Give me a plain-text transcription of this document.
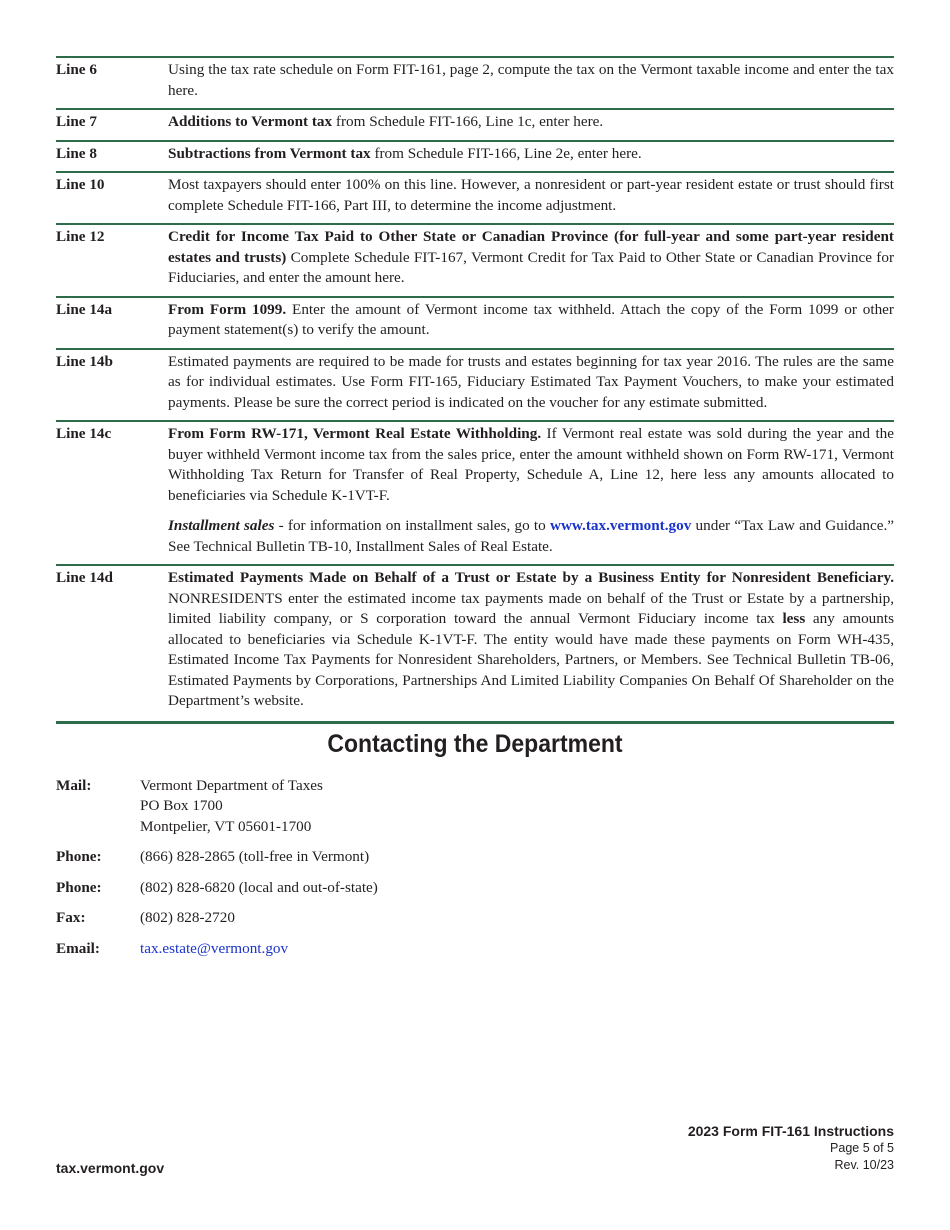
Line 6	Using the tax rate schedule on Form FIT-161, page 2, compute the tax on the Vermont taxable income and enter the tax here.
Line 7	Additions to Vermont tax from Schedule FIT-166, Line 1c, enter here.
Line 8	Subtractions from Vermont tax from Schedule FIT-166, Line 2e, enter here.
Line 10	Most taxpayers should enter 100% on this line. However, a nonresident or part-year resident estate or trust should first complete Schedule FIT-166, Part III, to determine the income adjustment.
Line 12	Credit for Income Tax Paid to Other State or Canadian Province (for full-year and some part-year resident estates and trusts) Complete Schedule FIT-167, Vermont Credit for Tax Paid to Other State or Canadian Province for Fiduciaries, and enter the amount here.
Line 14a	From Form 1099. Enter the amount of Vermont income tax withheld. Attach the copy of the Form 1099 or other payment statement(s) to verify the amount.
Line 14b	Estimated payments are required to be made for trusts and estates beginning for tax year 2016. The rules are the same as for individual estimates. Use Form FIT-165, Fiduciary Estimated Tax Payment Vouchers, to make your estimated payments. Please be sure the correct period is indicated on the voucher for any estimate submitted.
Line 14c	From Form RW-171, Vermont Real Estate Withholding. If Vermont real estate was sold during the year and the buyer withheld Vermont income tax from the sales price, enter the amount withheld shown on Form RW-171, Vermont Withholding Tax Return for Transfer of Real Property, Schedule A, Line 12, here less any amounts allocated to beneficiaries via Schedule K-1VT-F.

Installment sales - for information on installment sales, go to www.tax.vermont.gov under “Tax Law and Guidance.” See Technical Bulletin TB-10, Installment Sales of Real Estate.

Line 14d	Estimated Payments Made on Behalf of a Trust or Estate by a Business Entity for Nonresident Beneficiary. NONRESIDENTS enter the estimated income tax payments made on behalf of the Trust or Estate by a partnership, limited liability company, or S corporation toward the annual Vermont Fiduciary income tax less any amounts allocated to beneficiaries via Schedule K-1VT-F. The entity would have made these payments on Form WH-435, Estimated Income Tax Payments for Nonresident Shareholders, Partners, or Members. See Technical Bulletin TB-06, Estimated Payments by Corporations, Partnerships And Limited Liability Companies On Behalf Of Shareholder on the Department’s website.
Contacting the Department
Mail:	Vermont Department of Taxes
PO Box 1700
Montpelier, VT 05601-1700
Phone:	(866) 828-2865 (toll-free in Vermont)
Phone:	(802) 828-6820 (local and out-of-state)
Fax:	(802) 828-2720
Email:	tax.estate@vermont.gov
tax.vermont.gov
2023 Form FIT-161 Instructions
Page 5 of 5
Rev. 10/23
